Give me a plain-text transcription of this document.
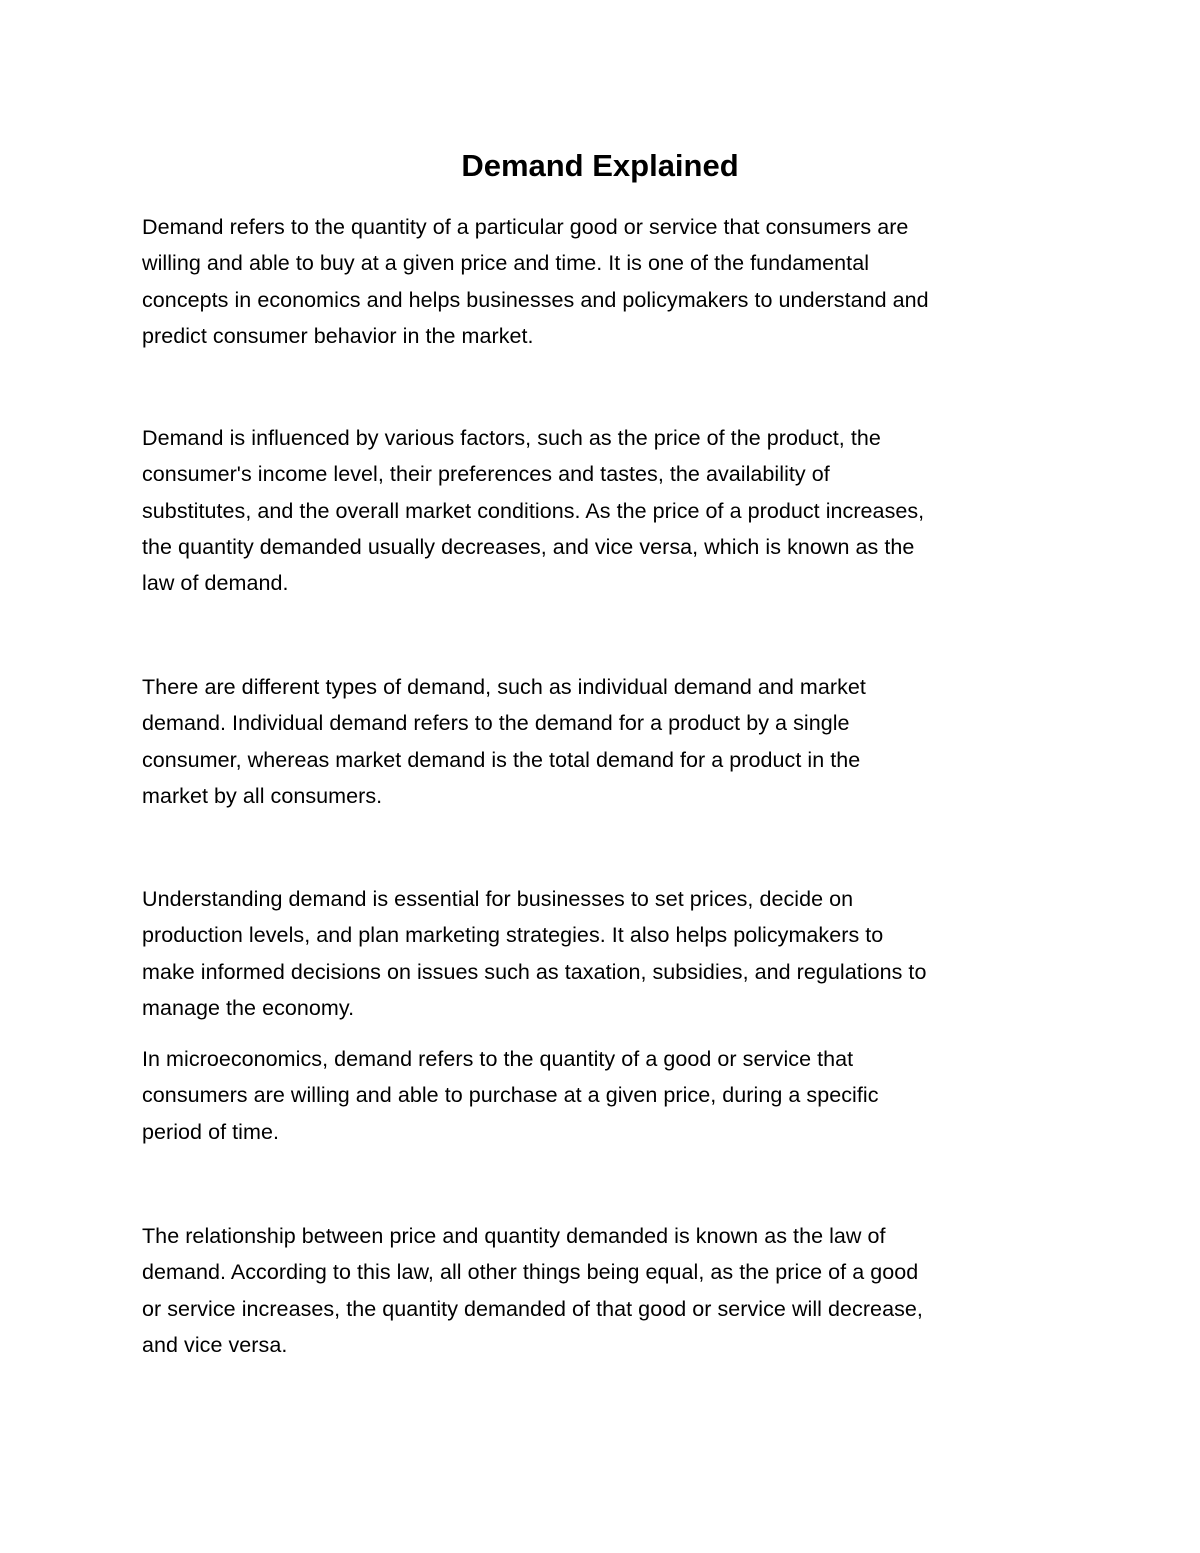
Demand Explained

Demand refers to the quantity of a particular good or service that consumers are
willing and able to buy at a given price and time. It is one of the fundamental
concepts in economics and helps businesses and policymakers to understand and
predict consumer behavior in the market.

Demand is influenced by various factors, such as the price of the product, the
consumer's income level, their preferences and tastes, the availability of
substitutes, and the overall market conditions. As the price of a product increases,
the quantity demanded usually decreases, and vice versa, which is known as the
law of demand.

There are different types of demand, such as individual demand and market
demand. Individual demand refers to the demand for a product by a single
consumer, whereas market demand is the total demand for a product in the
market by all consumers.

Understanding demand is essential for businesses to set prices, decide on
production levels, and plan marketing strategies. It also helps policymakers to
make informed decisions on issues such as taxation, subsidies, and regulations to
manage the economy.

In microeconomics, demand refers to the quantity of a good or service that
consumers are willing and able to purchase at a given price, during a specific
period of time.

The relationship between price and quantity demanded is known as the law of
demand. According to this law, all other things being equal, as the price of a good
or service increases, the quantity demanded of that good or service will decrease,
and vice versa.
